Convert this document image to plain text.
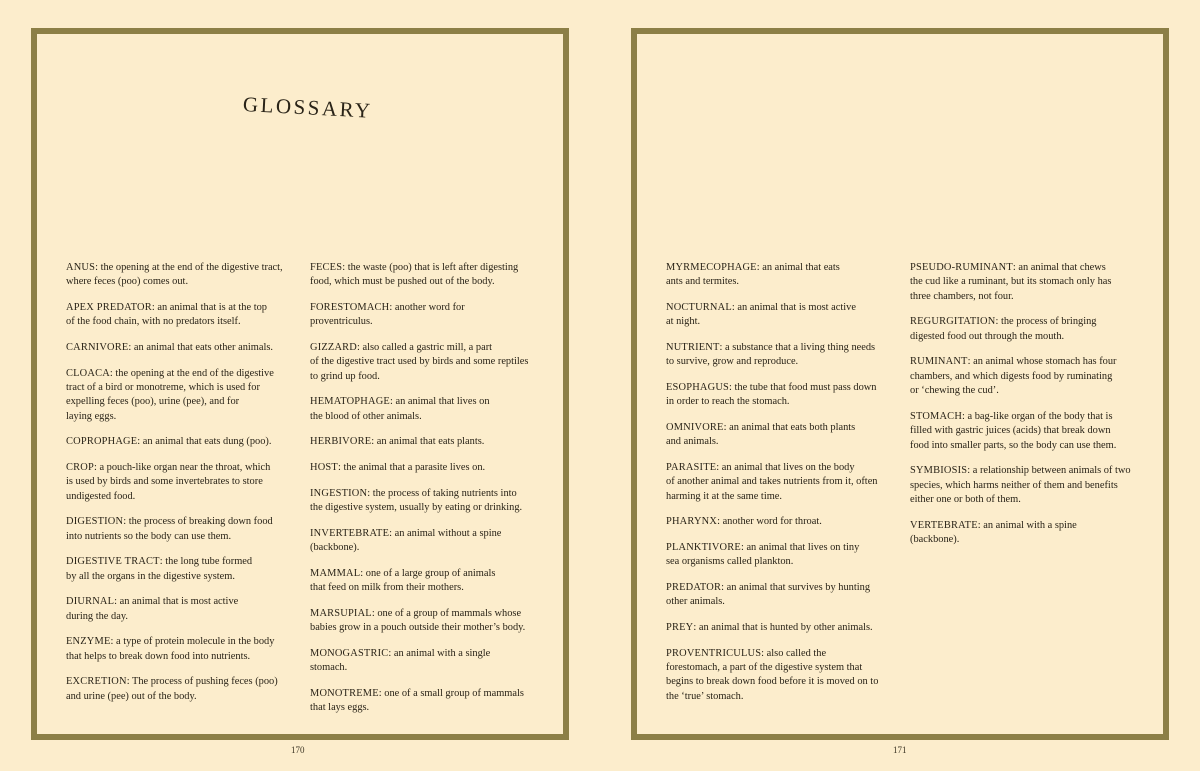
GLOSSARY

ANUS: the opening at the end of the digestive tract,
where feces (poo) comes out.

APEX PREDATOR: an animal that is at the top
of the food chain, with no predators itself.

CARNIVORE: an animal that eats other animals.

CLOACA: the opening at the end of the digestive
tract of a bird or monotreme, which is used for
expelling feces (poo), urine (pee), and for
laying eggs.

COPROPHAGE: an animal that eats dung (poo).

CROP: a pouch-like organ near the throat, which
is used by birds and some invertebrates to store
undigested food.

DIGESTION: the process of breaking down food
into nutrients so the body can use them.

DIGESTIVE TRACT: the long tube formed
by all the organs in the digestive system.

DIURNAL: an animal that is most active
during the day.

ENZYME: a type of protein molecule in the body
that helps to break down food into nutrients.

EXCRETION: The process of pushing feces (poo)
and urine (pee) out of the body.

FECES: the waste (poo) that is left after digesting
food, which must be pushed out of the body.

FORESTOMACH: another word for
proventriculus.

GIZZARD: also called a gastric mill, a part
of the digestive tract used by birds and some reptiles
to grind up food.

HEMATOPHAGE: an animal that lives on
the blood of other animals.

HERBIVORE: an animal that eats plants.

HOST: the animal that a parasite lives on.

INGESTION: the process of taking nutrients into
the digestive system, usually by eating or drinking.

INVERTEBRATE: an animal without a spine
(backbone).

MAMMAL: one of a large group of animals
that feed on milk from their mothers.

MARSUPIAL: one of a group of mammals whose
babies grow in a pouch outside their mother’s body.

MONOGASTRIC: an animal with a single
stomach.

MONOTREME: one of a small group of mammals
that lays eggs.

MYRMECOPHAGE: an animal that eats
ants and termites.

NOCTURNAL: an animal that is most active
at night.

NUTRIENT: a substance that a living thing needs
to survive, grow and reproduce.

ESOPHAGUS: the tube that food must pass down
in order to reach the stomach.

OMNIVORE: an animal that eats both plants
and animals.

PARASITE: an animal that lives on the body
of another animal and takes nutrients from it, often
harming it at the same time.

PHARYNX: another word for throat.

PLANKTIVORE: an animal that lives on tiny
sea organisms called plankton.

PREDATOR: an animal that survives by hunting
other animals.

PREY: an animal that is hunted by other animals.

PROVENTRICULUS: also called the
forestomach, a part of the digestive system that
begins to break down food before it is moved on to
the ‘true’ stomach.

PSEUDO-RUMINANT: an animal that chews
the cud like a ruminant, but its stomach only has
three chambers, not four.

REGURGITATION: the process of bringing
digested food out through the mouth.

RUMINANT: an animal whose stomach has four
chambers, and which digests food by ruminating
or ‘chewing the cud’.

STOMACH: a bag-like organ of the body that is
filled with gastric juices (acids) that break down
food into smaller parts, so the body can use them.

SYMBIOSIS: a relationship between animals of two
species, which harms neither of them and benefits
either one or both of them.

VERTEBRATE: an animal with a spine
(backbone).

170	171
